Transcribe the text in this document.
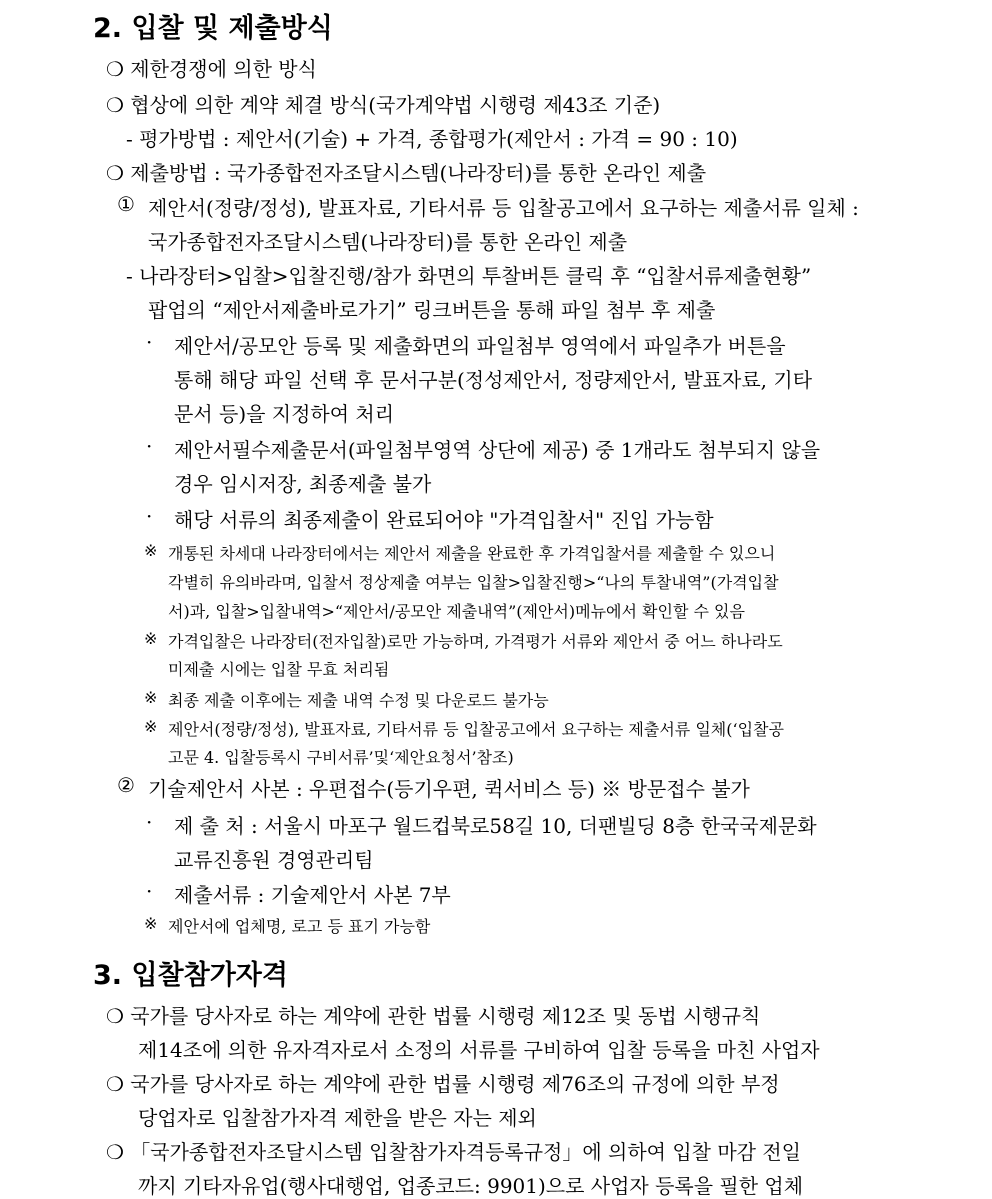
2. 입찰 및 제출방식
❍ 제한경쟁에 의한 방식
❍ 협상에 의한 계약 체결 방식(국가계약법 시행령 제43조 기준)
- 평가방법 : 제안서(기술) + 가격, 종합평가(제안서 : 가격 = 90 : 10)
❍ 제출방법 : 국가종합전자조달시스템(나라장터)를 통한 온라인 제출
① 제안서(정량/정성), 발표자료, 기타서류 등 입찰공고에서 요구하는 제출서류 일체 :
국가종합전자조달시스템(나라장터)를 통한 온라인 제출
- 나라장터>입찰>입찰진행/참가 화면의 투찰버튼 클릭 후 “입찰서류제출현황”
팝업의 “제안서제출바로가기” 링크버튼을 통해 파일 첨부 후 제출
· 제안서/공모안 등록 및 제출화면의 파일첨부 영역에서 파일추가 버튼을
통해 해당 파일 선택 후 문서구분(정성제안서, 정량제안서, 발표자료, 기타
문서 등)을 지정하여 처리
· 제안서필수제출문서(파일첨부영역 상단에 제공) 중 1개라도 첨부되지 않을
경우 임시저장, 최종제출 불가
· 해당 서류의 최종제출이 완료되어야 "가격입찰서" 진입 가능함
※ 개통된 차세대 나라장터에서는 제안서 제출을 완료한 후 가격입찰서를 제출할 수 있으니
각별히 유의바라며, 입찰서 정상제출 여부는 입찰>입찰진행>“나의 투찰내역”(가격입찰
서)과, 입찰>입찰내역>“제안서/공모안 제출내역”(제안서)메뉴에서 확인할 수 있음
※ 가격입찰은 나라장터(전자입찰)로만 가능하며, 가격평가 서류와 제안서 중 어느 하나라도
미제출 시에는 입찰 무효 처리됨
※ 최종 제출 이후에는 제출 내역 수정 및 다운로드 불가능
※ 제안서(정량/정성), 발표자료, 기타서류 등 입찰공고에서 요구하는 제출서류 일체(‘입찰공
고문 4. 입찰등록시 구비서류’및‘제안요청서’참조)
② 기술제안서 사본 : 우편접수(등기우편, 퀵서비스 등) ※ 방문접수 불가
· 제 출 처 : 서울시 마포구 월드컵북로58길 10, 더팬빌딩 8층 한국국제문화
교류진흥원 경영관리팀
· 제출서류 : 기술제안서 사본 7부
※ 제안서에 업체명, 로고 등 표기 가능함
3. 입찰참가자격
❍ 국가를 당사자로 하는 계약에 관한 법률 시행령 제12조 및 동법 시행규칙
제14조에 의한 유자격자로서 소정의 서류를 구비하여 입찰 등록을 마친 사업자
❍ 국가를 당사자로 하는 계약에 관한 법률 시행령 제76조의 규정에 의한 부정
당업자로 입찰참가자격 제한을 받은 자는 제외
❍ 「국가종합전자조달시스템 입찰참가자격등록규정」에 의하여 입찰 마감 전일
까지 기타자유업(행사대행업, 업종코드: 9901)으로 사업자 등록을 필한 업체
